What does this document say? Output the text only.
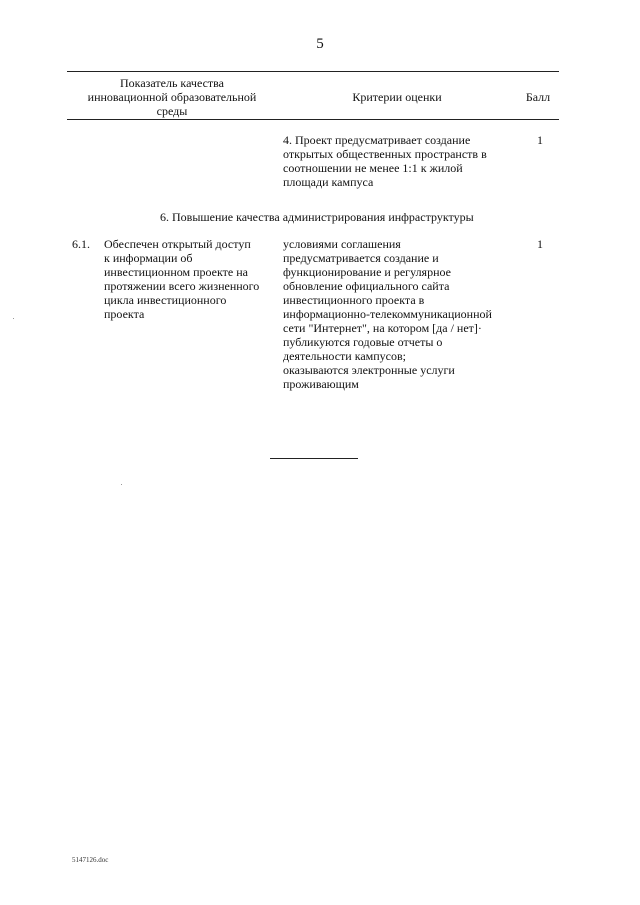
5
Показатель качества
инновационной образовательной
среды
Критерии оценки	Балл
4. Проект предусматривает создание
открытых общественных пространств в
соотношении не менее 1:1 к жилой
площади кампуса
1
6. Повышение качества администрирования инфраструктуры
6.1. Обеспечен открытый доступ
к информации об
инвестиционном проекте на
протяжении всего жизненного
цикла инвестиционного
проекта
условиями соглашения
предусматривается создание и
функционирование и регулярное
обновление официального сайта
инвестиционного проекта в
информационно-телекоммуникационной
сети "Интернет", на котором [да / нет]·
публикуются годовые отчеты о
деятельности кампусов;
оказываются электронные услуги
проживающим
1
5147126.doc
